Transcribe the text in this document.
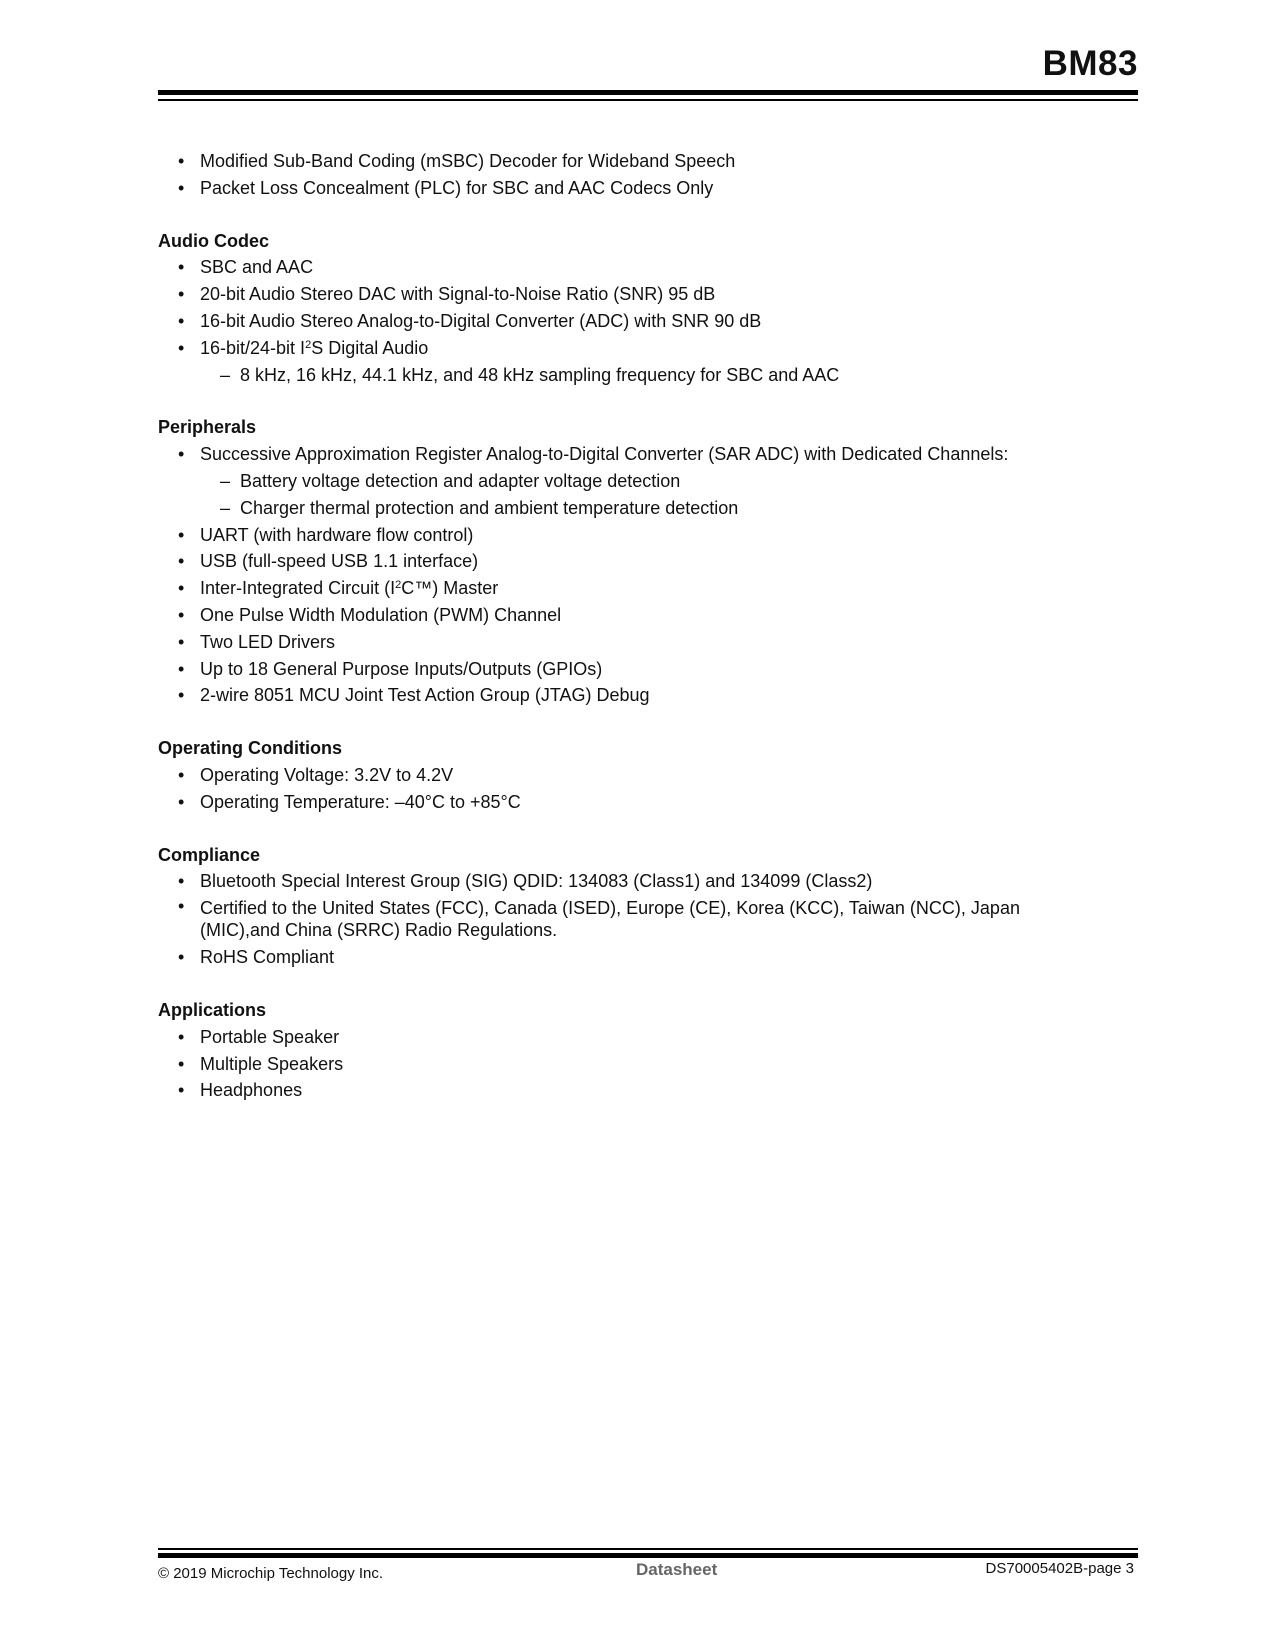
BM83
• Modified Sub-Band Coding (mSBC) Decoder for Wideband Speech
• Packet Loss Concealment (PLC) for SBC and AAC Codecs Only

Audio Codec

• SBC and AAC
• 20-bit Audio Stereo DAC with Signal-to-Noise Ratio (SNR) 95 dB
• 16-bit Audio Stereo Analog-to-Digital Converter (ADC) with SNR 90 dB
• 16-bit/24-bit $I^2S$ Digital Audio
– 8 kHz, 16 kHz, 44.1 kHz, and 48 kHz sampling frequency for SBC and AAC

Peripherals

• Successive Approximation Register Analog-to-Digital Converter (SAR ADC) with Dedicated Channels:
– Battery voltage detection and adapter voltage detection
– Charger thermal protection and ambient temperature detection
• UART (with hardware flow control)
• USB (full-speed USB 1.1 interface)
• Inter-Integrated Circuit $(I^2C™)$ Master
• One Pulse Width Modulation (PWM) Channel
• Two LED Drivers
• Up to 18 General Purpose Inputs/Outputs (GPIOs)
• 2-wire 8051 MCU Joint Test Action Group (JTAG) Debug

Operating Conditions

• Operating Voltage: 3.2V to 4.2V
• Operating Temperature: –40°C to +85°C

Compliance

• Bluetooth Special Interest Group (SIG) QDID: 134083 (Class1) and 134099 (Class2)
• Certified to the United States (FCC), Canada (ISED), Europe (CE), Korea (KCC), Taiwan (NCC), Japan (MIC),and China (SRRC) Radio Regulations.
• RoHS Compliant

Applications

• Portable Speaker
• Multiple Speakers
• Headphones
© 2019 Microchip Technology Inc.	Datasheet	DS70005402B-page 3
